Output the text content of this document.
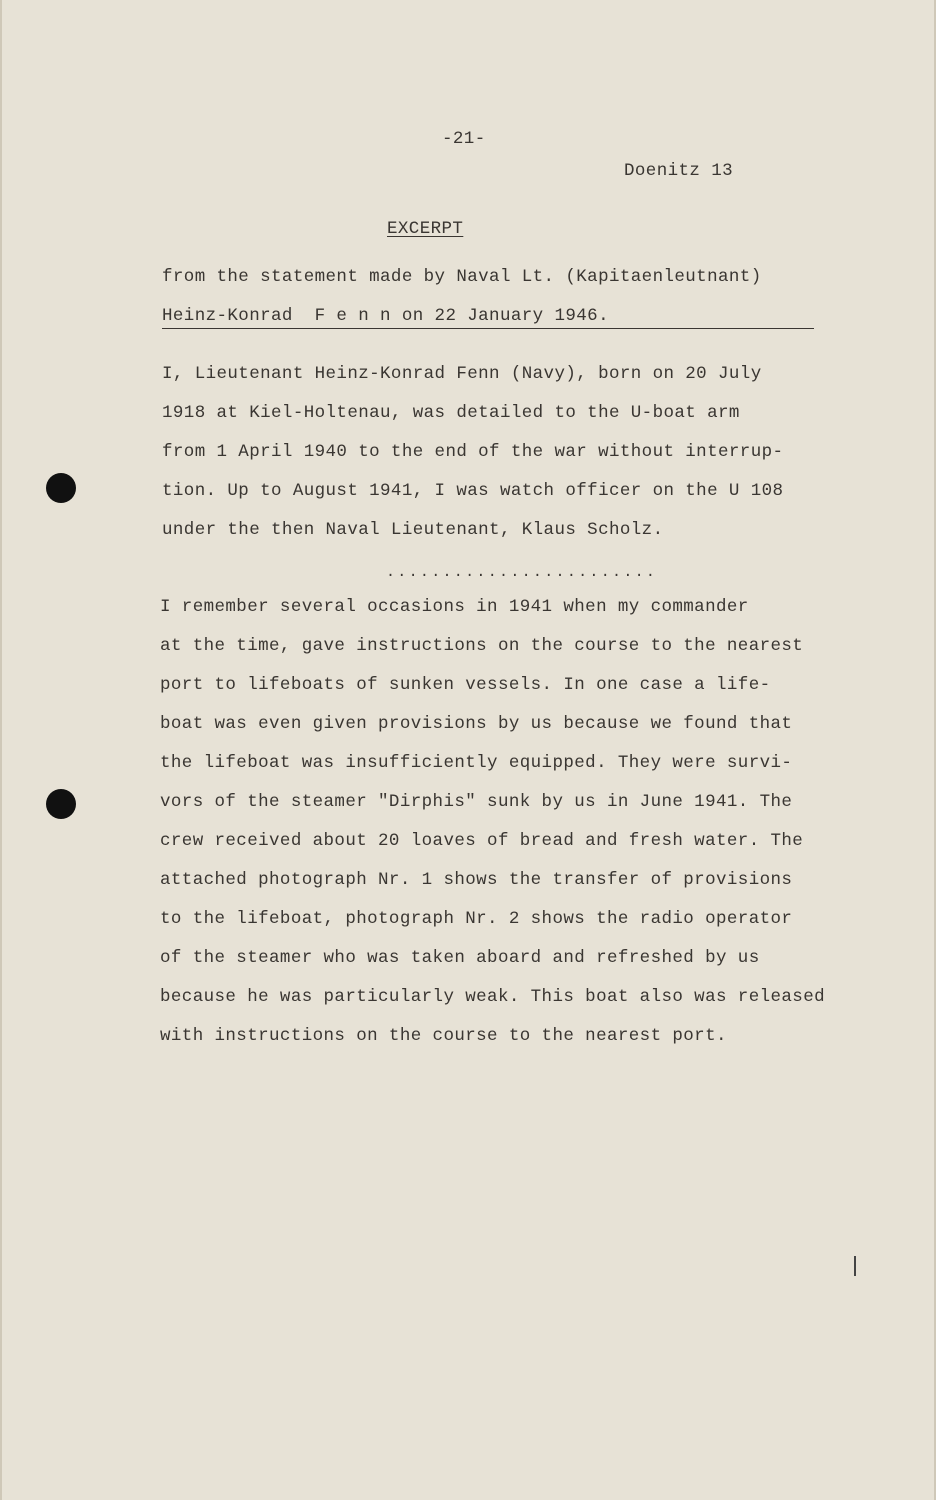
-21-
Doenitz 13
EXCERPT
from the statement made by Naval Lt. (Kapitaenleutnant)
Heinz-Konrad  F e n n on 22 January 1946.
I, Lieutenant Heinz-Konrad Fenn (Navy), born on 20 July
1918 at Kiel-Holtenau, was detailed to the U-boat arm
from 1 April 1940 to the end of the war without interrup-
tion. Up to August 1941, I was watch officer on the U 108
under the then Naval Lieutenant, Klaus Scholz.
........................
I remember several occasions in 1941 when my commander
at the time, gave instructions on the course to the nearest
port to lifeboats of sunken vessels. In one case a life-
boat was even given provisions by us because we found that
the lifeboat was insufficiently equipped. They were survi-
vors of the steamer "Dirphis" sunk by us in June 1941. The
crew received about 20 loaves of bread and fresh water. The
attached photograph Nr. 1 shows the transfer of provisions
to the lifeboat, photograph Nr. 2 shows the radio operator
of the steamer who was taken aboard and refreshed by us
because he was particularly weak. This boat also was released
with instructions on the course to the nearest port.
